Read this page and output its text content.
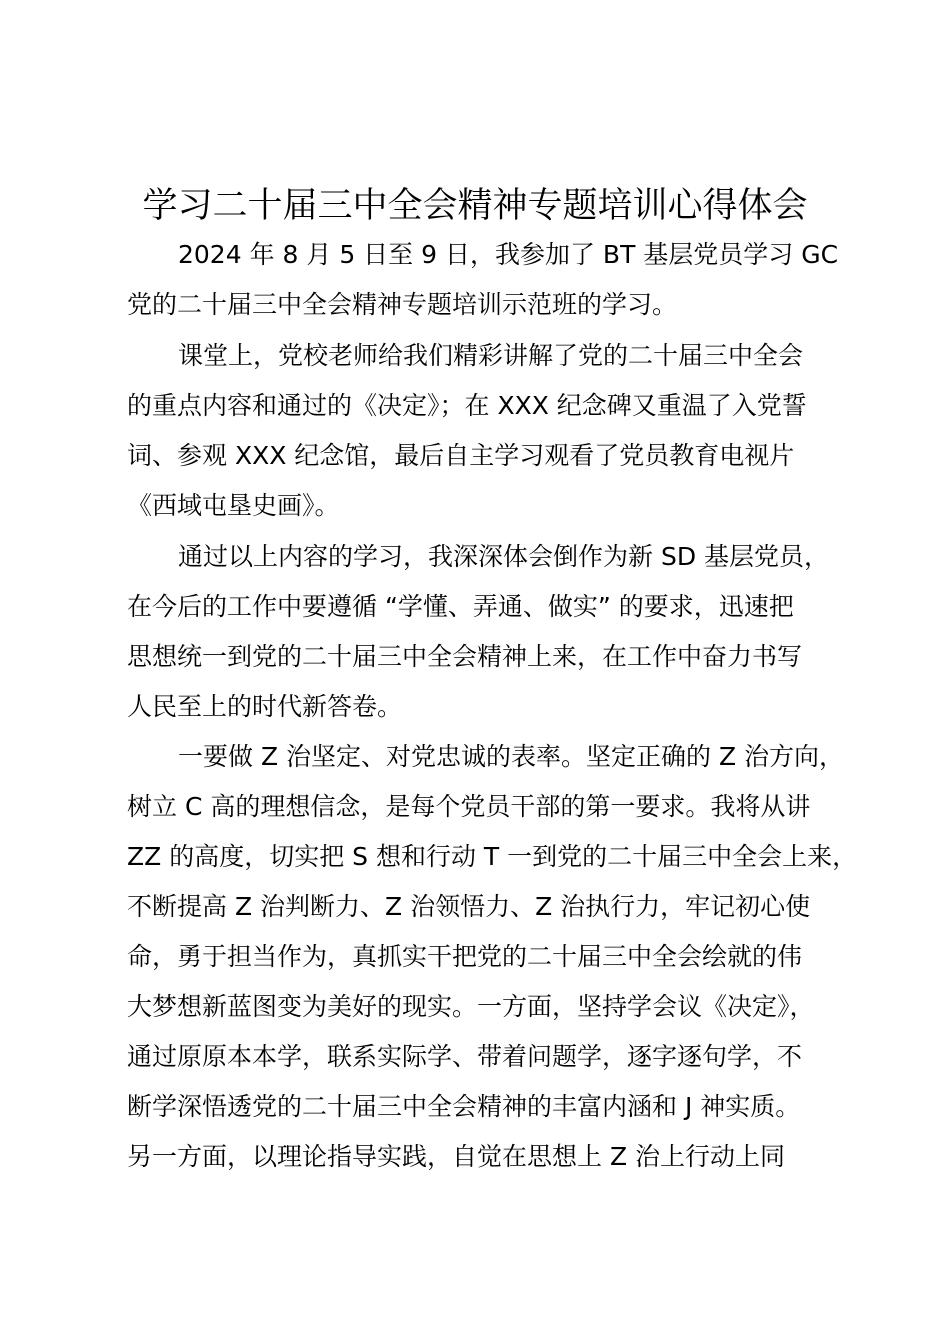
学习二十届三中全会精神专题培训心得体会

2024 年 8 月 5 日至 9 日，我参加了 BT 基层党员学习 GC

党的二十届三中全会精神专题培训示范班的学习。

课堂上，党校老师给我们精彩讲解了党的二十届三中全会

的重点内容和通过的《决定》；在 XXX 纪念碑又重温了入党誓

词、参观 XXX 纪念馆，最后自主学习观看了党员教育电视片

《西域屯垦史画》。

通过以上内容的学习，我深深体会倒作为新 SD 基层党员，

在今后的工作中要遵循 “学懂、弄通、做实” 的要求，迅速把

思想统一到党的二十届三中全会精神上来，在工作中奋力书写

人民至上的时代新答卷。

一要做 Z 治坚定、对党忠诚的表率。坚定正确的 Z 治方向，

树立 C 高的理想信念，是每个党员干部的第一要求。我将从讲

ZZ 的高度，切实把 S 想和行动 T 一到党的二十届三中全会上来，

不断提高 Z 治判断力、Z 治领悟力、Z 治执行力，牢记初心使

命，勇于担当作为，真抓实干把党的二十届三中全会绘就的伟

大梦想新蓝图变为美好的现实。一方面，坚持学会议《决定》，

通过原原本本学，联系实际学、带着问题学，逐字逐句学，不

断学深悟透党的二十届三中全会精神的丰富内涵和 J 神实质。

另一方面，以理论指导实践，自觉在思想上 Z 治上行动上同
